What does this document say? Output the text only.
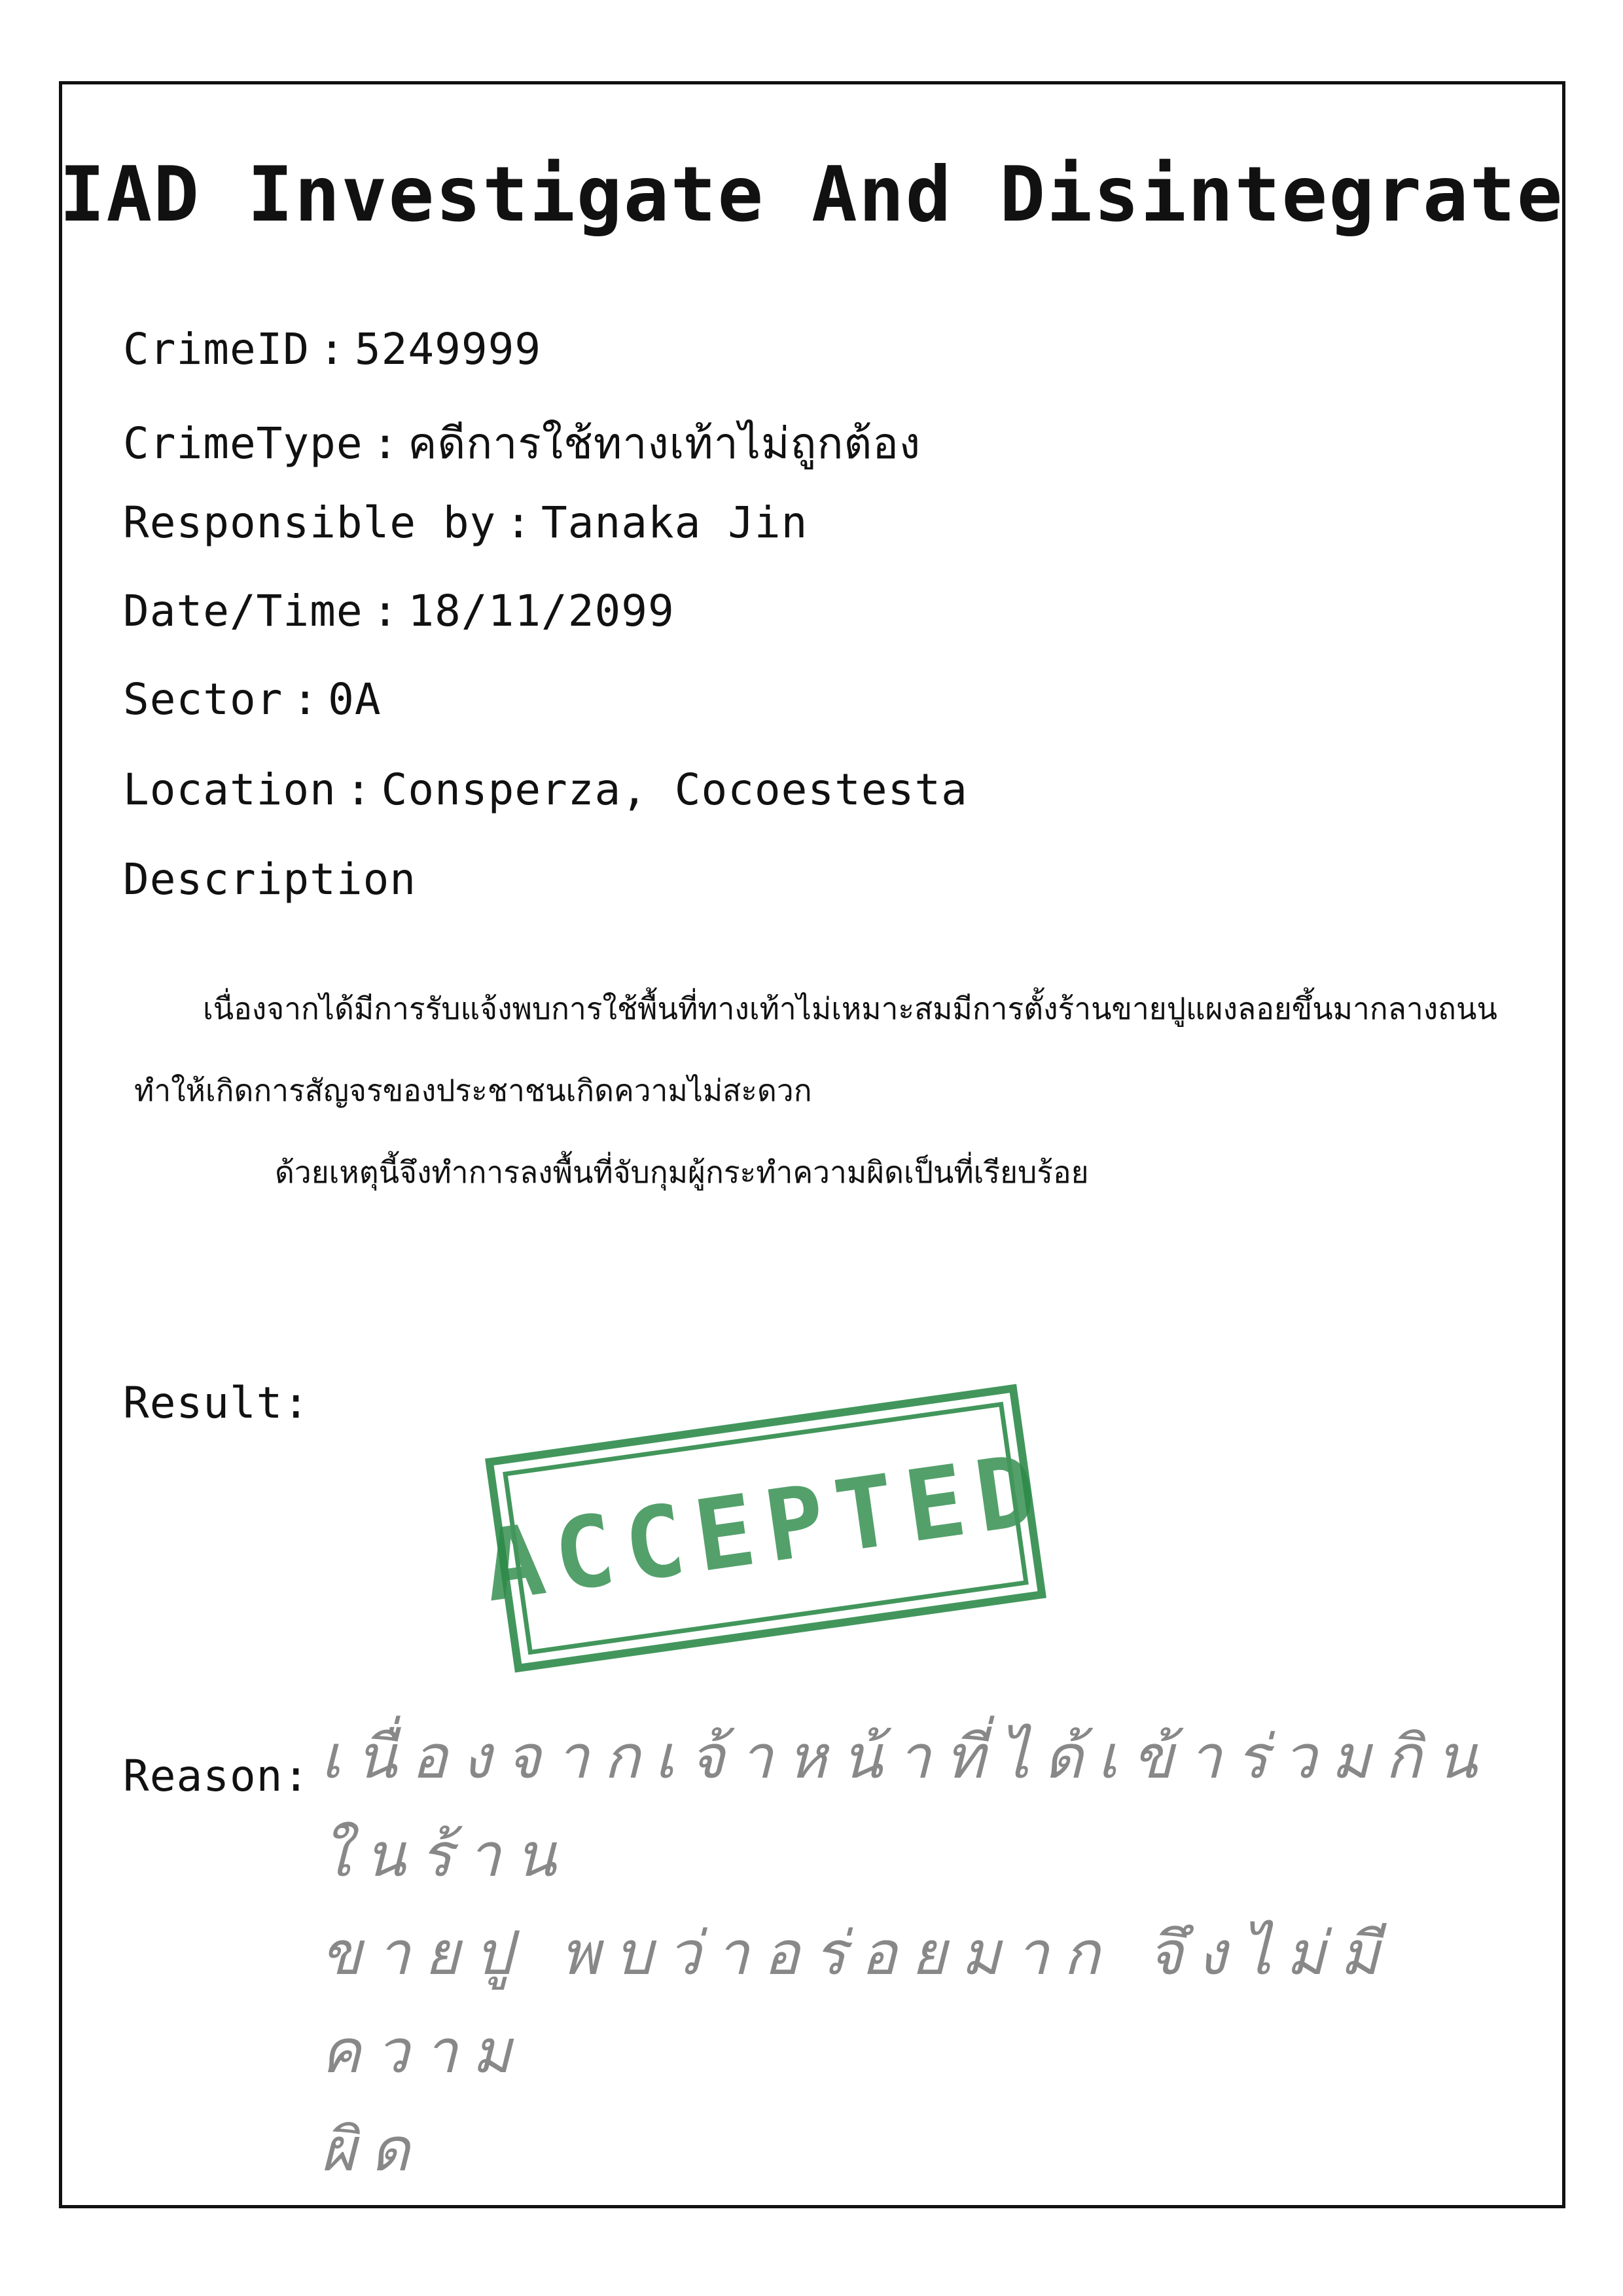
IAD Investigate And Disintegrate
CrimeID : 5249999
CrimeType : คดีการใช้ทางเท้าไม่ถูกต้อง
Responsible by : Tanaka Jin
Date/Time : 18/11/2099
Sector : 0A
Location : Consperza, Cocoestesta
Description
เนื่องจากได้มีการรับแจ้งพบการใช้พื้นที่ทางเท้าไม่เหมาะสมมีการตั้งร้านขายปูแผงลอยขึ้นมากลางถนน
ทำให้เกิดการสัญจรของประชาชนเกิดความไม่สะดวก
ด้วยเหตุนี้จึงทำการลงพื้นที่จับกุมผู้กระทำความผิดเป็นที่เรียบร้อย
Result:
ACCEPTED
Reason: เนื่องจากเจ้าหน้าที่ได้เข้าร่วมกินในร้าน
ขายปู พบว่าอร่อยมาก จึงไม่มีความ
ผิด
